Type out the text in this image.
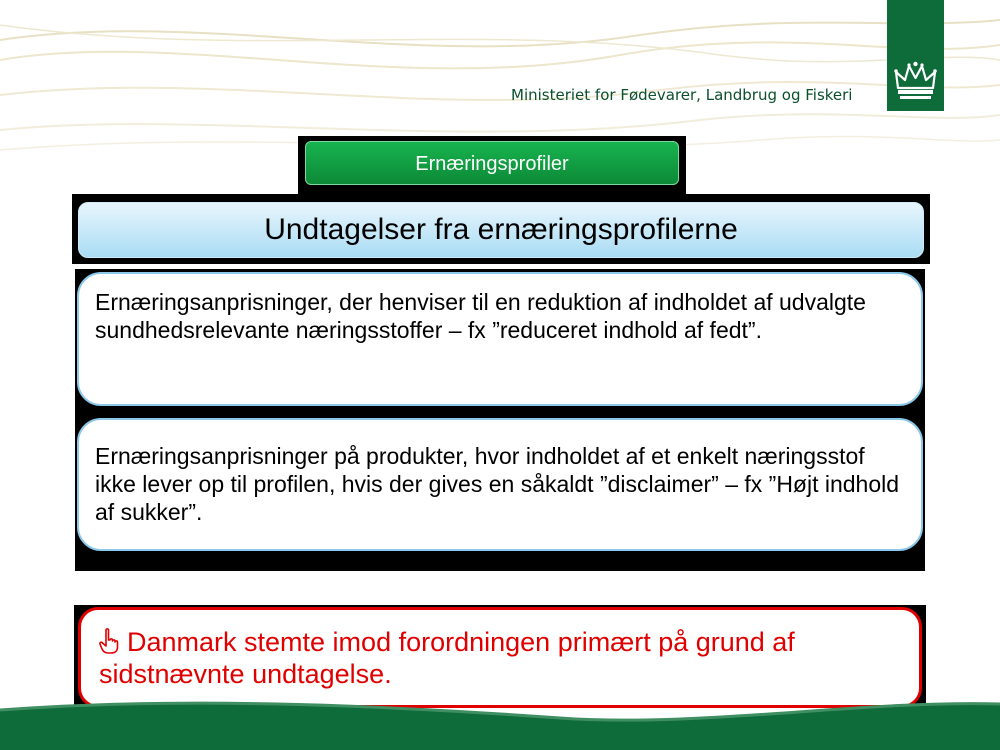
Ministeriet for Fødevarer, Landbrug og Fiskeri
Ernæringsprofiler
Undtagelser fra ernæringsprofilerne
Ernæringsanprisninger, der henviser til en reduktion af indholdet af udvalgte sundhedsrelevante næringsstoffer – fx ”reduceret indhold af fedt”.
Ernæringsanprisninger på produkter, hvor indholdet af et enkelt næringsstof ikke lever op til profilen, hvis der gives en såkaldt ”disclaimer” – fx ”Højt indhold af sukker”.
Danmark stemte imod forordningen primært på grund af sidstnævnte undtagelse.
